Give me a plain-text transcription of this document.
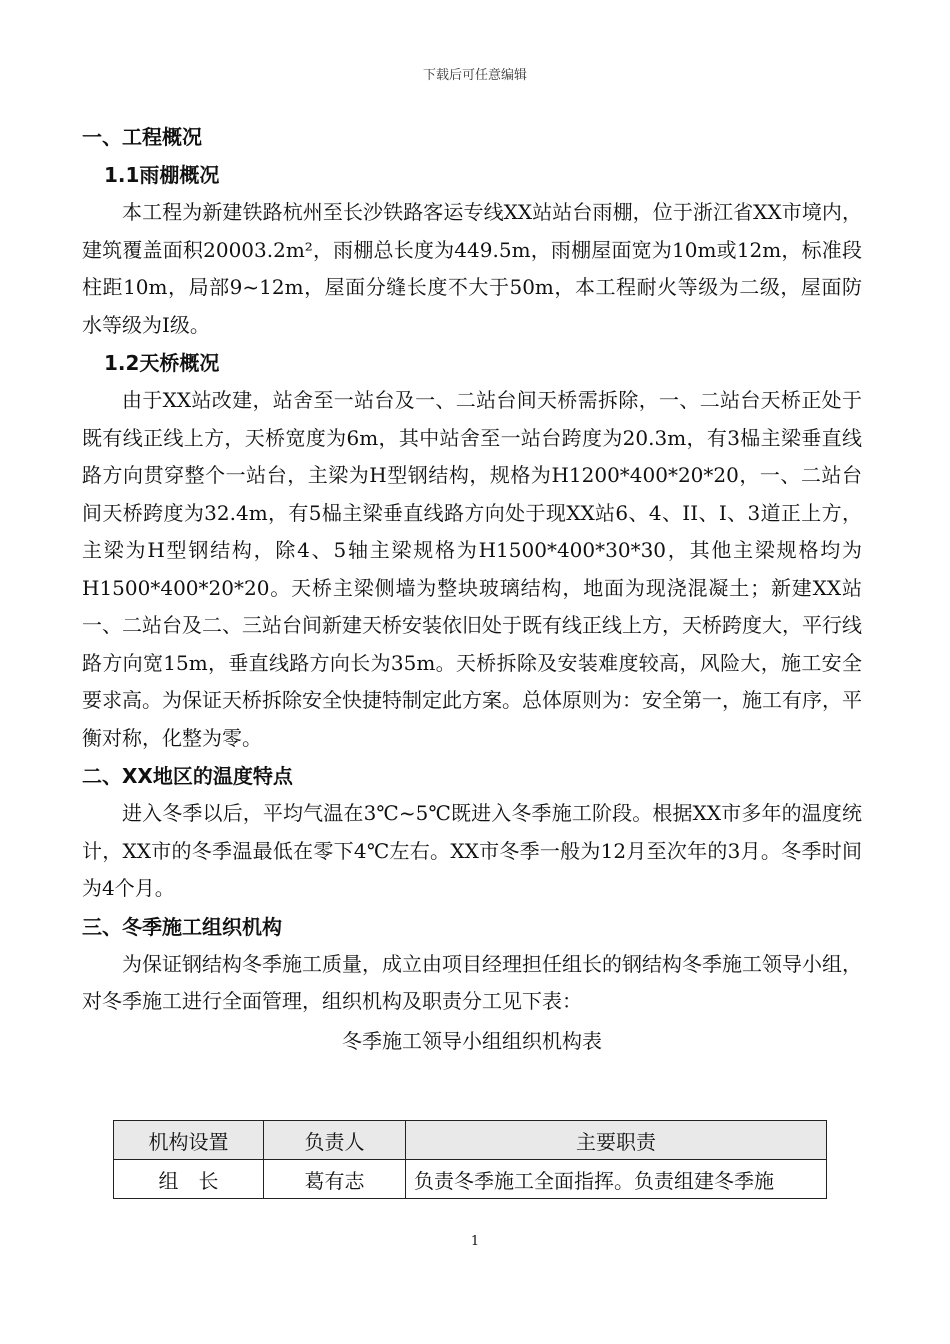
下载后可任意编辑
一、工程概况
1.1雨棚概况

本工程为新建铁路杭州至长沙铁路客运专线XX站站台雨棚，位于浙江省XX市境内，建筑覆盖面积20003.2m²，雨棚总长度为449.5m，雨棚屋面宽为10m或12m，标准段柱距10m，局部9~12m，屋面分缝长度不大于50m，本工程耐火等级为二级，屋面防水等级为Ⅰ级。

1.2天桥概况

由于XX站改建，站舍至一站台及一、二站台间天桥需拆除，一、二站台天桥正处于既有线正线上方，天桥宽度为6m，其中站舍至一站台跨度为20.3m，有3榀主梁垂直线路方向贯穿整个一站台，主梁为H型钢结构，规格为H1200*400*20*20，一、二站台间天桥跨度为32.4m，有5榀主梁垂直线路方向处于现XX站6、4、II、I、3道正上方，主梁为H型钢结构，除4、5轴主梁规格为H1500*400*30*30，其他主梁规格均为H1500*400*20*20。天桥主梁侧墙为整块玻璃结构，地面为现浇混凝土；新建XX站一、二站台及二、三站台间新建天桥安装依旧处于既有线正线上方，天桥跨度大，平行线路方向宽15m，垂直线路方向长为35m。天桥拆除及安装难度较高，风险大，施工安全要求高。为保证天桥拆除安全快捷特制定此方案。总体原则为：安全第一，施工有序，平衡对称，化整为零。

二、XX地区的温度特点

进入冬季以后，平均气温在3℃~5℃既进入冬季施工阶段。根据XX市多年的温度统计，XX市的冬季温最低在零下4℃左右。XX市冬季一般为12月至次年的3月。冬季时间为4个月。

三、冬季施工组织机构

为保证钢结构冬季施工质量，成立由项目经理担任组长的钢结构冬季施工领导小组，对冬季施工进行全面管理，组织机构及职责分工见下表：

冬季施工领导小组组织机构表
机构设置	负责人	主要职责
组　长	葛有志	负责冬季施工全面指挥。负责组建冬季施
1
